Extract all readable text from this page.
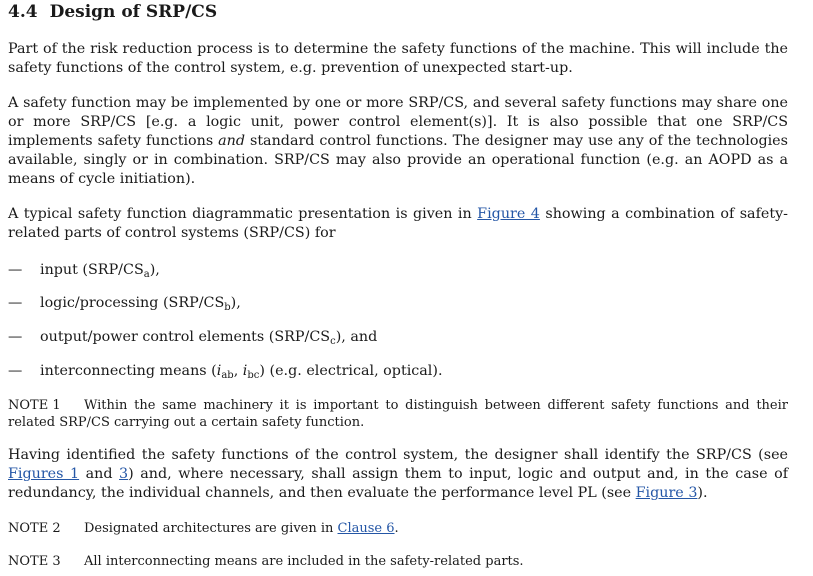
4.4 Design of SRP/CS

Part of the risk reduction process is to determine the safety functions of the machine. This will include the safety functions of the control system, e.g. prevention of unexpected start-up.

A safety function may be implemented by one or more SRP/CS, and several safety functions may share one or more SRP/CS [e.g. a logic unit, power control element(s)]. It is also possible that one SRP/CS implements safety functions and standard control functions. The designer may use any of the technologies available, singly or in combination. SRP/CS may also provide an operational function (e.g. an AOPD as a means of cycle initiation).

A typical safety function diagrammatic presentation is given in Figure 4 showing a combination of safety-related parts of control systems (SRP/CS) for

— input $(SRP/CS_a)$,
— logic/processing $(SRP/CS_b)$,
— output/power control elements $(SRP/CS_c)$, and
— interconnecting means ($i_{ab}$, $i_{bc}$) (e.g. electrical, optical).

NOTE 1 Within the same machinery it is important to distinguish between different safety functions and their related SRP/CS carrying out a certain safety function.

Having identified the safety functions of the control system, the designer shall identify the SRP/CS (see Figures 1 and 3) and, where necessary, shall assign them to input, logic and output and, in the case of redundancy, the individual channels, and then evaluate the performance level PL (see Figure 3).

NOTE 2 Designated architectures are given in Clause 6.

NOTE 3 All interconnecting means are included in the safety-related parts.
